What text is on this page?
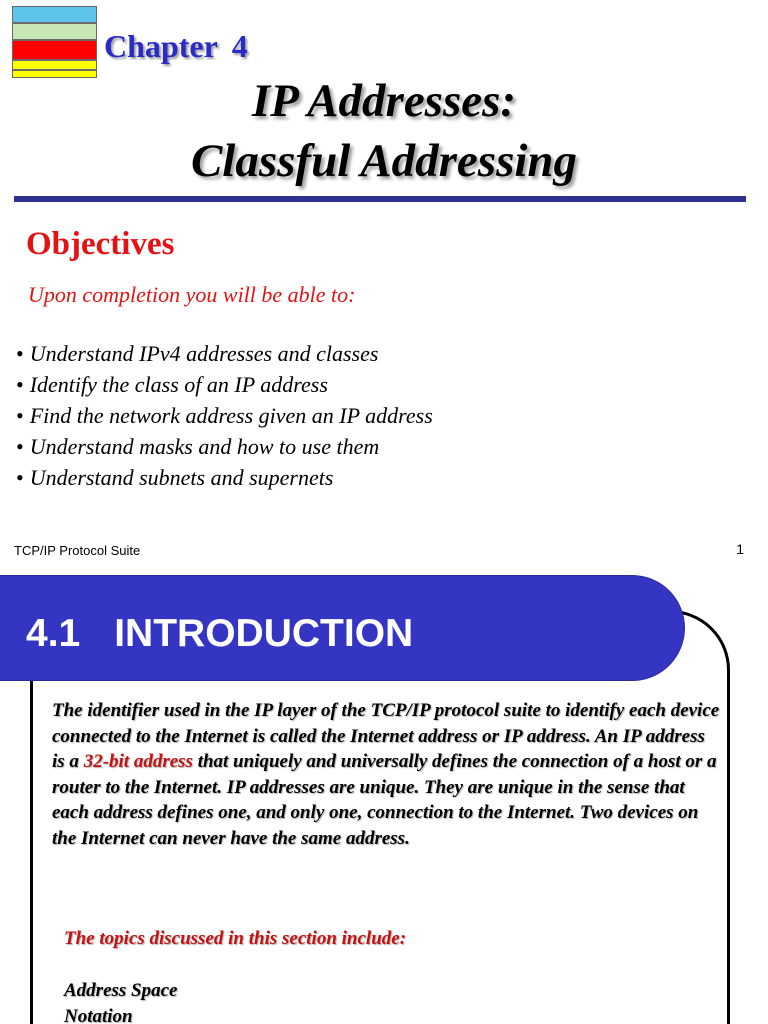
Chapter 4
IP Addresses:
Classful Addressing
Objectives
Upon completion you will be able to:
• Understand IPv4 addresses and classes
• Identify the class of an IP address
• Find the network address given an IP address
• Understand masks and how to use them
• Understand subnets and supernets
TCP/IP Protocol Suite	1
4.1 INTRODUCTION
The identifier used in the IP layer of the TCP/IP protocol suite to identify each device connected to the Internet is called the Internet address or IP address. An IP address is a 32-bit address that uniquely and universally defines the connection of a host or a router to the Internet. IP addresses are unique. They are unique in the sense that each address defines one, and only one, connection to the Internet. Two devices on the Internet can never have the same address.
The topics discussed in this section include:
Address Space
Notation
